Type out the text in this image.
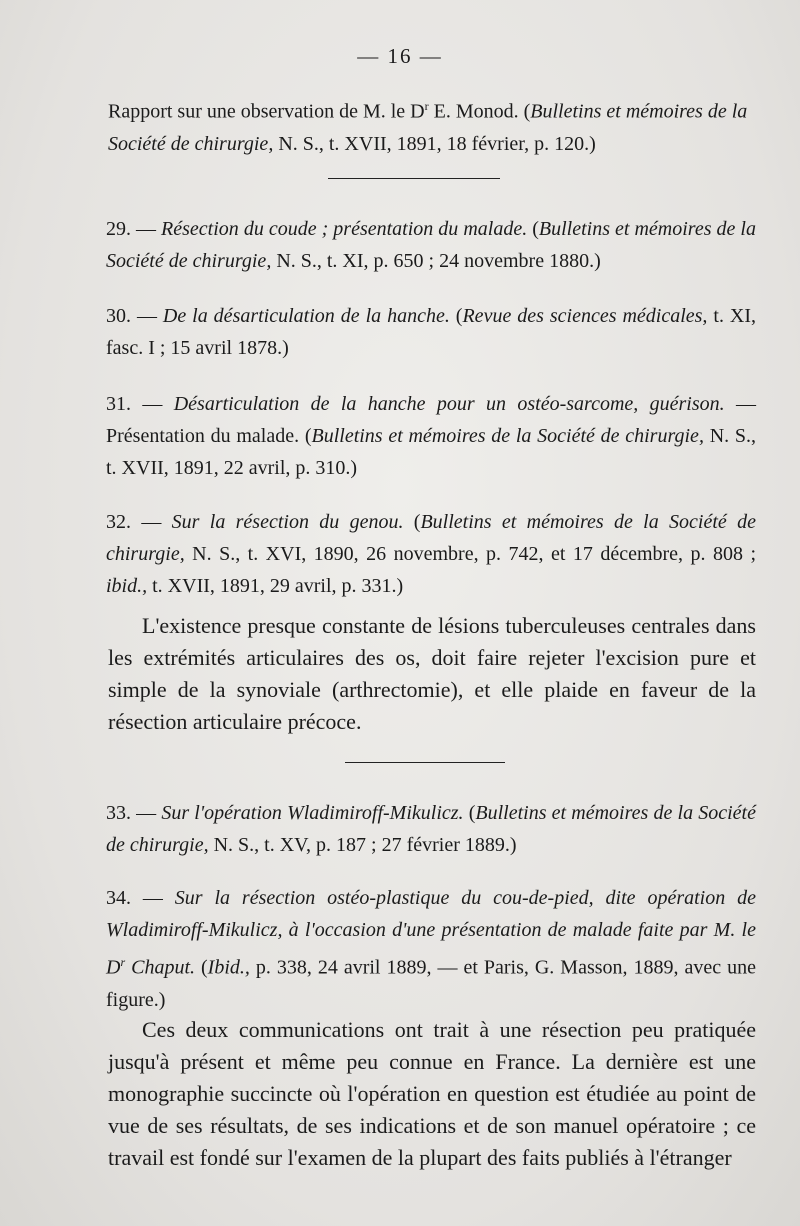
— 16 —
Rapport sur une observation de M. le $D^r$ E. Monod. (Bulletins et mémoires de la Société de chirurgie, N. S., t. XVII, 1891, 18 février, p. 120.)
29. — Résection du coude ; présentation du malade. (Bulletins et mémoires de la Société de chirurgie, N. S., t. XI, p. 650 ; 24 novembre 1880.)
30. — De la désarticulation de la hanche. (Revue des sciences médicales, t. XI, fasc. I ; 15 avril 1878.)
31. — Désarticulation de la hanche pour un ostéo-sarcome, guérison. — Présentation du malade. (Bulletins et mémoires de la Société de chirurgie, N. S., t. XVII, 1891, 22 avril, p. 310.)
32. — Sur la résection du genou. (Bulletins et mémoires de la Société de chirurgie, N. S., t. XVI, 1890, 26 novembre, p. 742, et 17 décembre, p. 808 ; ibid., t. XVII, 1891, 29 avril, p. 331.)
L'existence presque constante de lésions tuberculeuses centrales dans les extrémités articulaires des os, doit faire rejeter l'excision pure et simple de la synoviale (arthrectomie), et elle plaide en faveur de la résection articulaire précoce.
33. — Sur l'opération Wladimiroff-Mikulicz. (Bulletins et mémoires de la Société de chirurgie, N. S., t. XV, p. 187 ; 27 février 1889.)
34. — Sur la résection ostéo-plastique du cou-de-pied, dite opération de Wladimiroff-Mikulicz, à l'occasion d'une présentation de malade faite par M. le $D^r$ Chaput. (Ibid., p. 338, 24 avril 1889, — et Paris, G. Masson, 1889, avec une figure.)
Ces deux communications ont trait à une résection peu pratiquée jusqu'à présent et même peu connue en France. La dernière est une monographie succincte où l'opération en question est étudiée au point de vue de ses résultats, de ses indications et de son manuel opératoire ; ce travail est fondé sur l'examen de la plupart des faits publiés à l'étranger
